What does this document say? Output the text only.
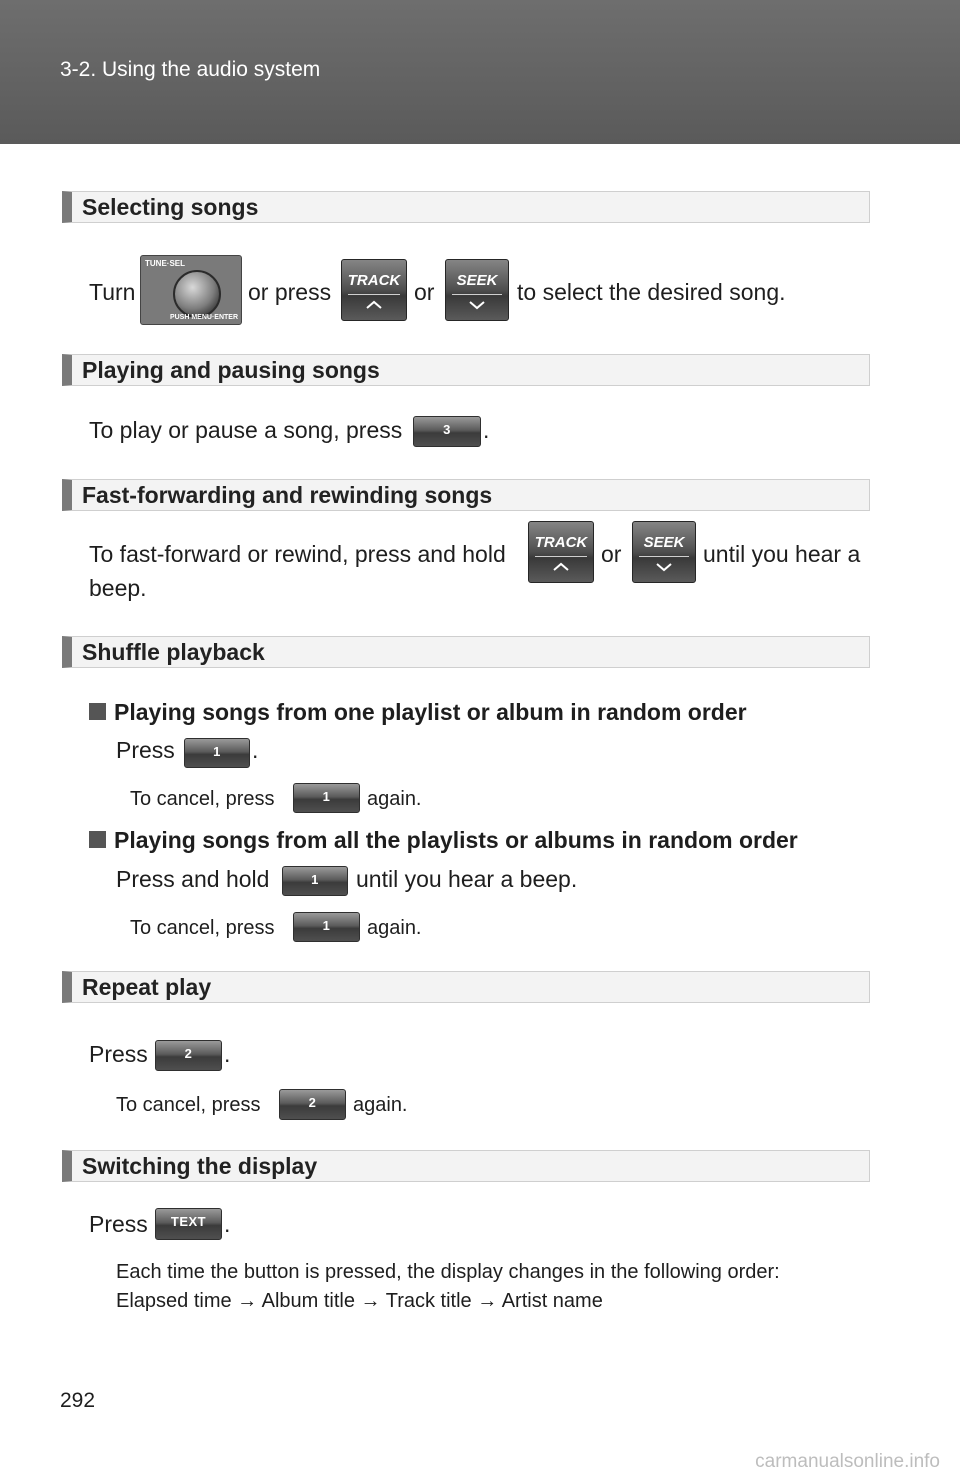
3-2. Using the audio system
Selecting songs
Turn
TUNE·SEL
PUSH MENU·ENTER
or press	TRACK or	SEEK to select the desired song.
Playing and pausing songs
To play or pause a song, press	3	.
Fast-forwarding and rewinding songs
To fast-forward or rewind, press and hold	TRACK or	SEEK until you hear a
beep.
Shuffle playback
Playing songs from one playlist or album in random order
Press	1	.
To cancel, press	1	again.
Playing songs from all the playlists or albums in random order
Press and hold	1	until you hear a beep.
To cancel, press	1	again.
Repeat play
Press	2	.
To cancel, press	2	again.
Switching the display
Press	TEXT .
Each time the button is pressed, the display changes in the following order:
Elapsed time → Album title → Track title → Artist name
292
carmanualsonline.info
